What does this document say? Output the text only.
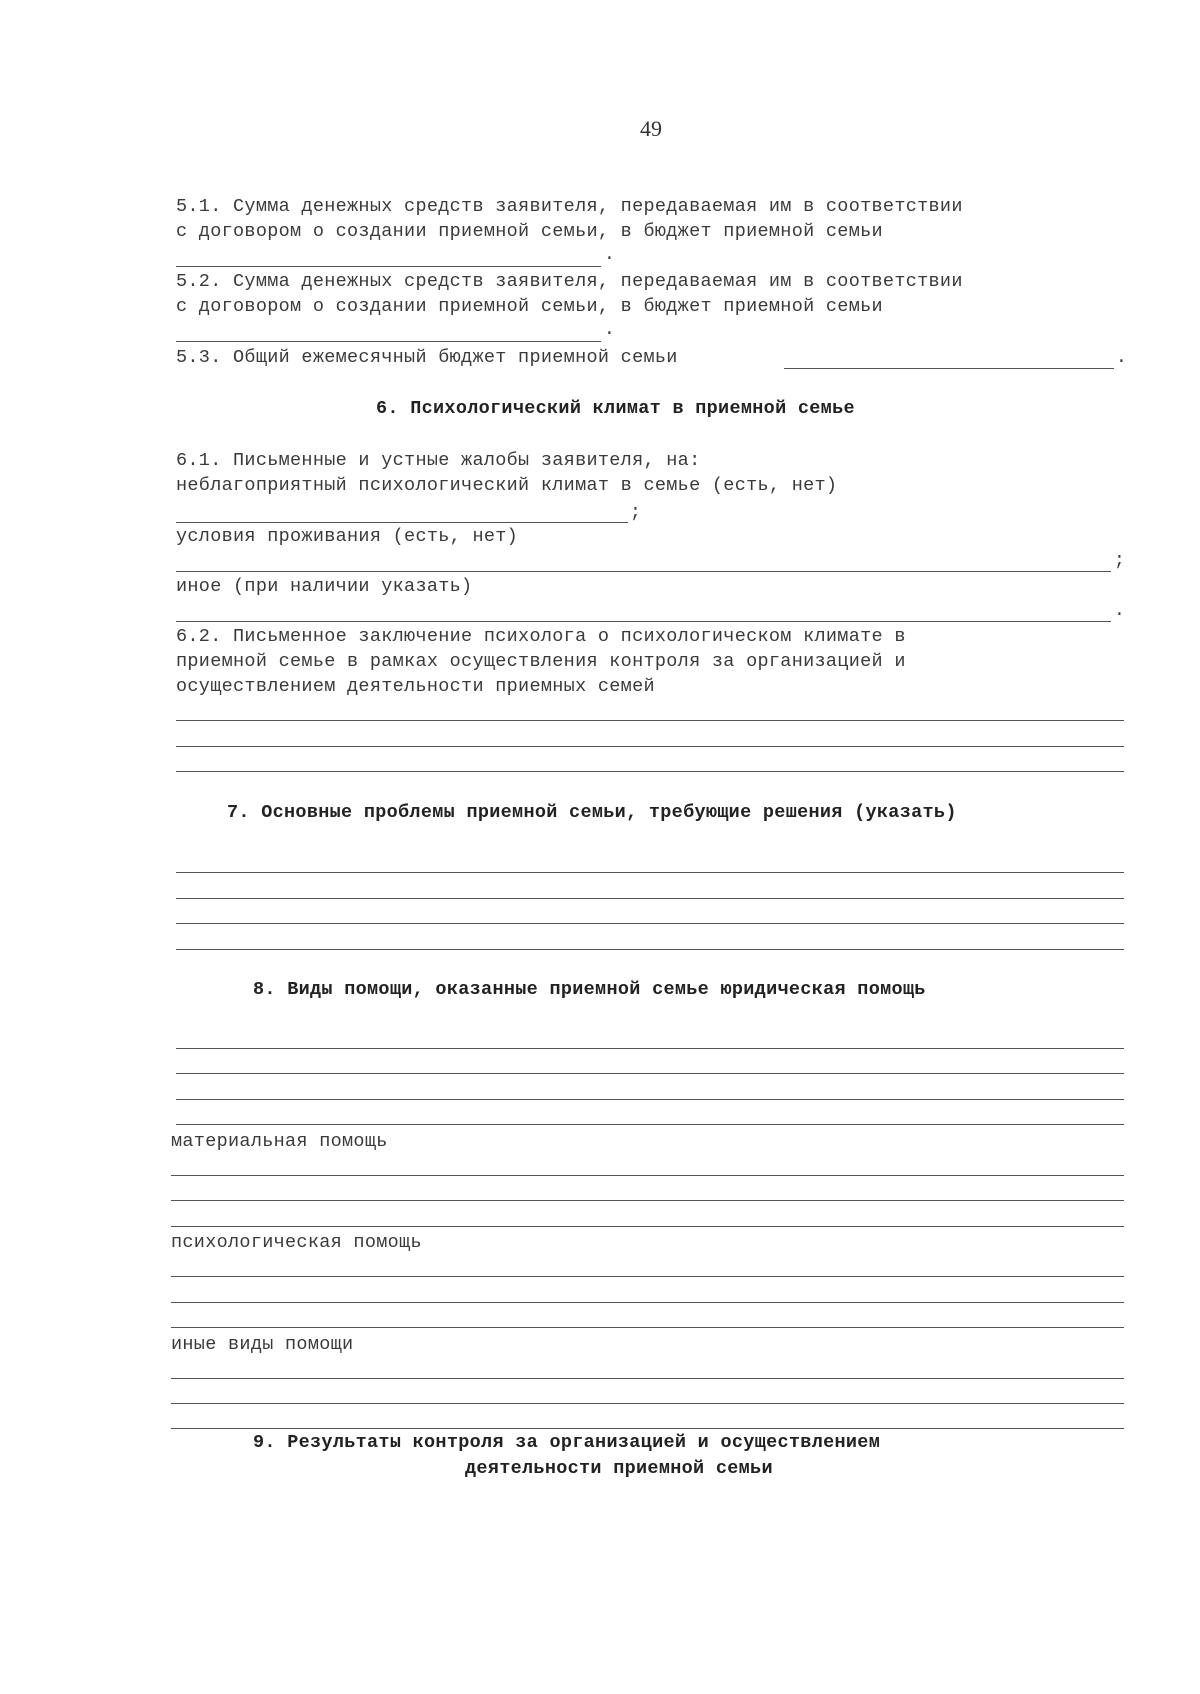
49
5.1. Сумма денежных средств заявителя, передаваемая им в соответствии
с договором о создании приемной семьи, в бюджет приемной семьи
.
5.2. Сумма денежных средств заявителя, передаваемая им в соответствии
с договором о создании приемной семьи, в бюджет приемной семьи
.
5.3. Общий ежемесячный бюджет приемной семьи	.
6. Психологический климат в приемной семье
6.1. Письменные и устные жалобы заявителя, на:
неблагоприятный психологический климат в семье (есть, нет)
;
условия проживания (есть, нет)
;
иное (при наличии указать)
.
6.2. Письменное заключение психолога о психологическом климате в
приемной семье в рамках осуществления контроля за организацией и
осуществлением деятельности приемных семей
7. Основные проблемы приемной семьи, требующие решения (указать)
8. Виды помощи, оказанные приемной семье юридическая помощь
материальная помощь
психологическая помощь
иные виды помощи
9. Результаты контроля за организацией и осуществлением
деятельности приемной семьи
